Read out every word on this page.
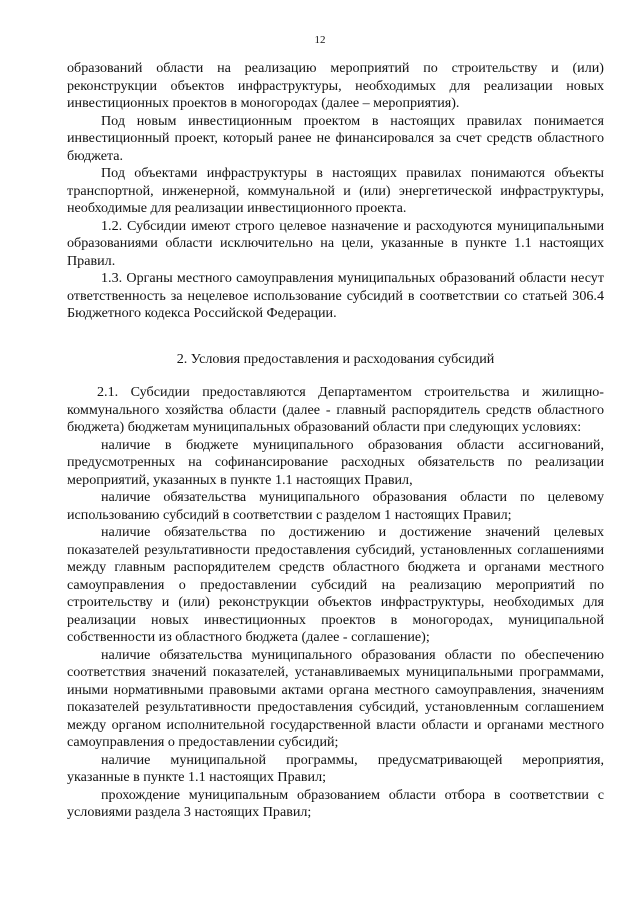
12

образований области на реализацию мероприятий по строительству и (или) реконструкции объектов инфраструктуры, необходимых для реализации новых инвестиционных проектов в моногородах (далее – мероприятия).

Под новым инвестиционным проектом в настоящих правилах понимается инвестиционный проект, который ранее не финансировался за счет средств областного бюджета.

Под объектами инфраструктуры в настоящих правилах понимаются объекты транспортной, инженерной, коммунальной и (или) энергетической инфраструктуры, необходимые для реализации инвестиционного проекта.

1.2. Субсидии имеют строго целевое назначение и расходуются муниципальными образованиями области исключительно на цели, указанные в пункте 1.1 настоящих Правил.

1.3. Органы местного самоуправления муниципальных образований области несут ответственность за нецелевое использование субсидий в соответствии со статьей 306.4 Бюджетного кодекса Российской Федерации.

2. Условия предоставления и расходования субсидий

2.1. Субсидии предоставляются Департаментом строительства и жилищно-коммунального хозяйства области (далее - главный распорядитель средств областного бюджета) бюджетам муниципальных образований области при следующих условиях:

наличие в бюджете муниципального образования области ассигнований, предусмотренных на софинансирование расходных обязательств по реализации мероприятий, указанных в пункте 1.1 настоящих Правил,

наличие обязательства муниципального образования области по целевому использованию субсидий в соответствии с разделом 1 настоящих Правил;

наличие обязательства по достижению и достижение значений целевых показателей результативности предоставления субсидий, установленных соглашениями между главным распорядителем средств областного бюджета и органами местного самоуправления о предоставлении субсидий на реализацию мероприятий по строительству и (или) реконструкции объектов инфраструктуры, необходимых для реализации новых инвестиционных проектов в моногородах, муниципальной собственности из областного бюджета (далее - соглашение);

наличие обязательства муниципального образования области по обеспечению соответствия значений показателей, устанавливаемых муниципальными программами, иными нормативными правовыми актами органа местного самоуправления, значениям показателей результативности предоставления субсидий, установленным соглашением между органом исполнительной государственной власти области и органами местного самоуправления о предоставлении субсидий;

наличие муниципальной программы, предусматривающей мероприятия, указанные в пункте 1.1 настоящих Правил;

прохождение муниципальным образованием области отбора в соответствии с условиями раздела 3 настоящих Правил;
